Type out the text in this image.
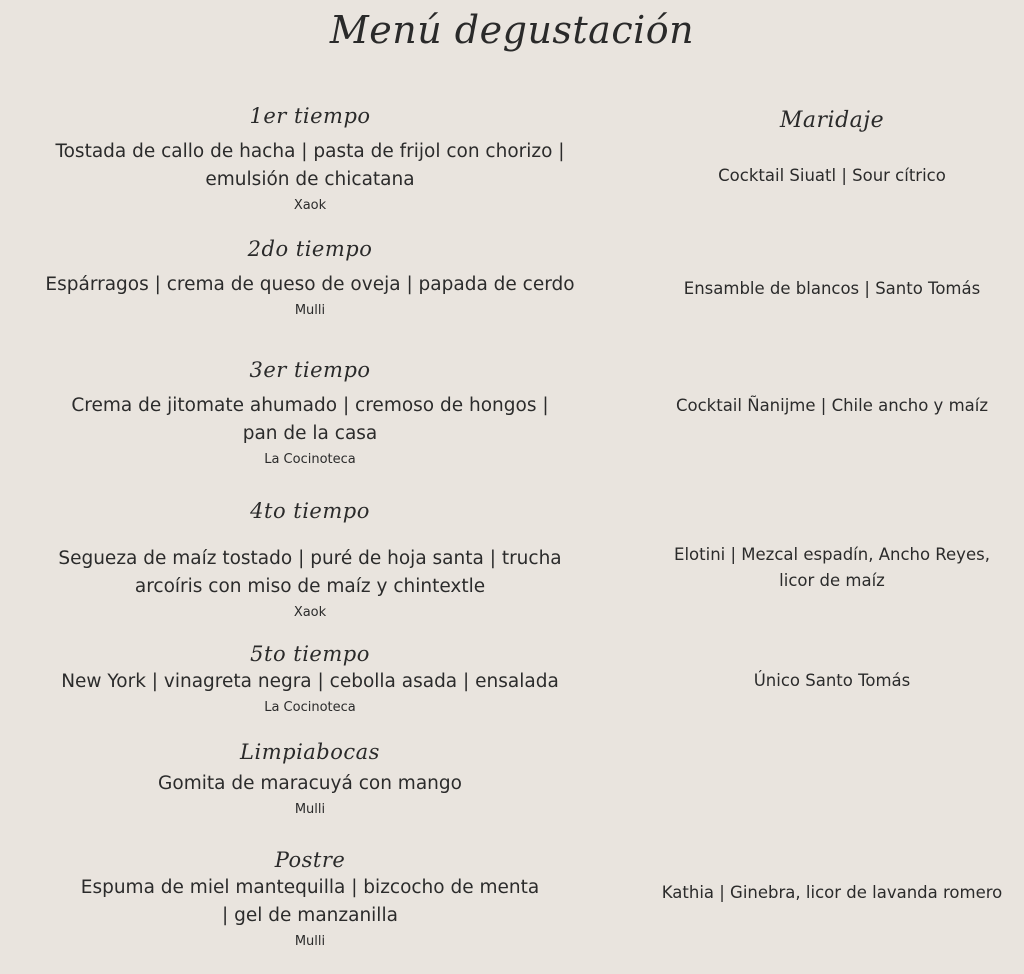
Menú degustación
Maridaje
1er tiempo
Tostada de callo de hacha | pasta de frijol con chorizo |
emulsión de chicatana
Xaok
Cocktail Siuatl | Sour cítrico
2do tiempo
Espárragos | crema de queso de oveja | papada de cerdo
Mulli
Ensamble de blancos | Santo Tomás
3er tiempo
Crema de jitomate ahumado | cremoso de hongos |
pan de la casa
La Cocinoteca
Cocktail Ñanijme | Chile ancho y maíz
4to tiempo
Segueza de maíz tostado | puré de hoja santa | trucha
arcoíris con miso de maíz y chintextle
Xaok
Elotini | Mezcal espadín, Ancho Reyes,
licor de maíz
5to tiempo
New York | vinagreta negra | cebolla asada | ensalada
La Cocinoteca
Único Santo Tomás
Limpiabocas
Gomita de maracuyá con mango
Mulli
Postre
Espuma de miel mantequilla | bizcocho de menta
| gel de manzanilla
Mulli
Kathia | Ginebra, licor de lavanda romero
